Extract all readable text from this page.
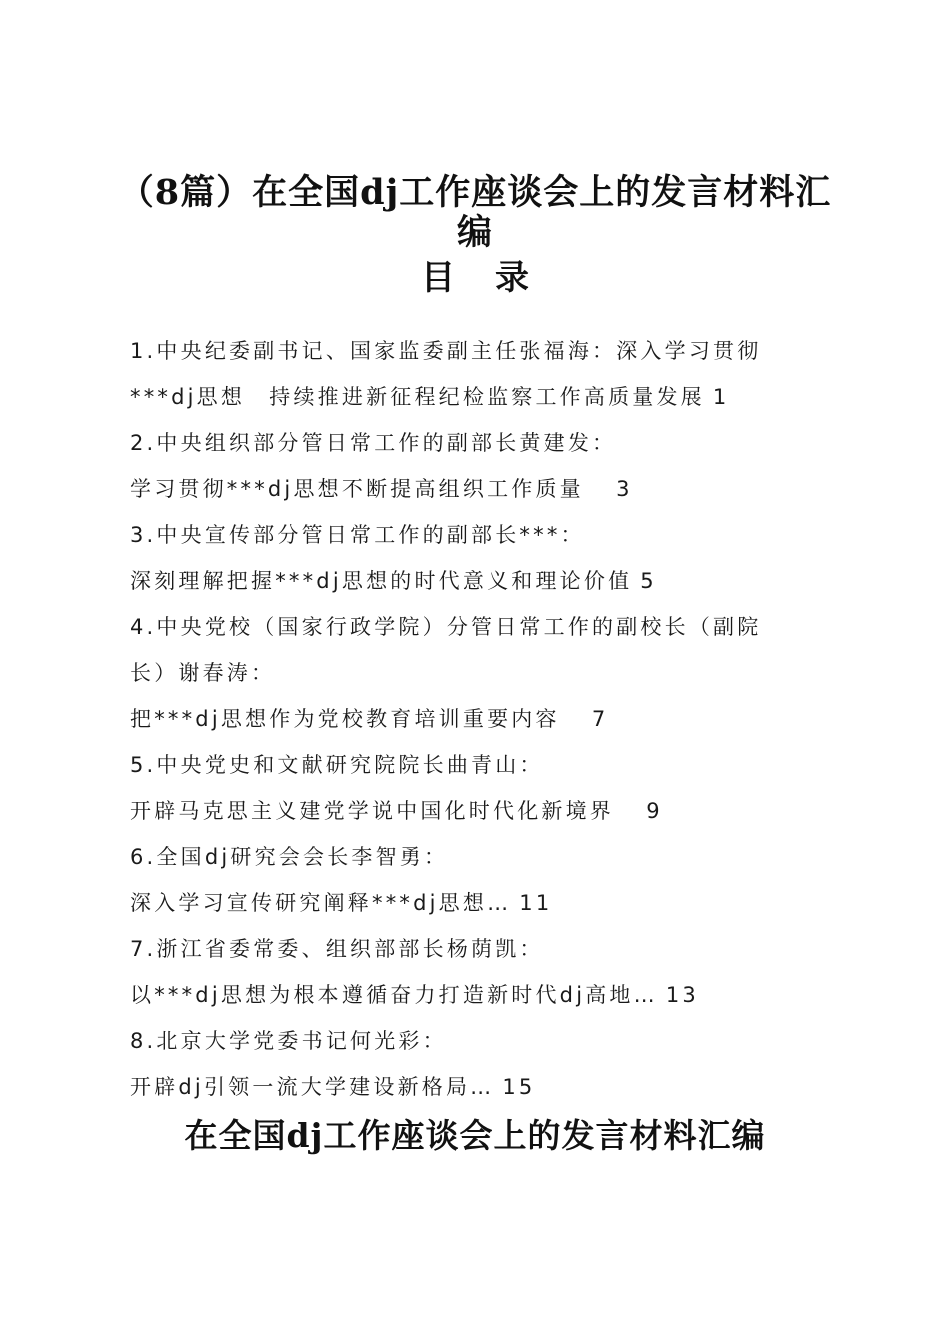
（8篇）在全国dj工作座谈会上的发言材料汇
编
目录
1.中央纪委副书记、国家监委副主任张福海：深入学习贯彻
***dj思想　持续推进新征程纪检监察工作高质量发展 1
2.中央组织部分管日常工作的副部长黄建发：
学习贯彻***dj思想不断提高组织工作质量　3
3.中央宣传部分管日常工作的副部长***：
深刻理解把握***dj思想的时代意义和理论价值 5
4.中央党校（国家行政学院）分管日常工作的副校长（副院
长）谢春涛：
把***dj思想作为党校教育培训重要内容　7
5.中央党史和文献研究院院长曲青山：
开辟马克思主义建党学说中国化时代化新境界　9
6.全国dj研究会会长李智勇：
深入学习宣传研究阐释***dj思想… 11
7.浙江省委常委、组织部部长杨荫凯：
以***dj思想为根本遵循奋力打造新时代dj高地… 13
8.北京大学党委书记何光彩：
开辟dj引领一流大学建设新格局… 15
在全国dj工作座谈会上的发言材料汇编
